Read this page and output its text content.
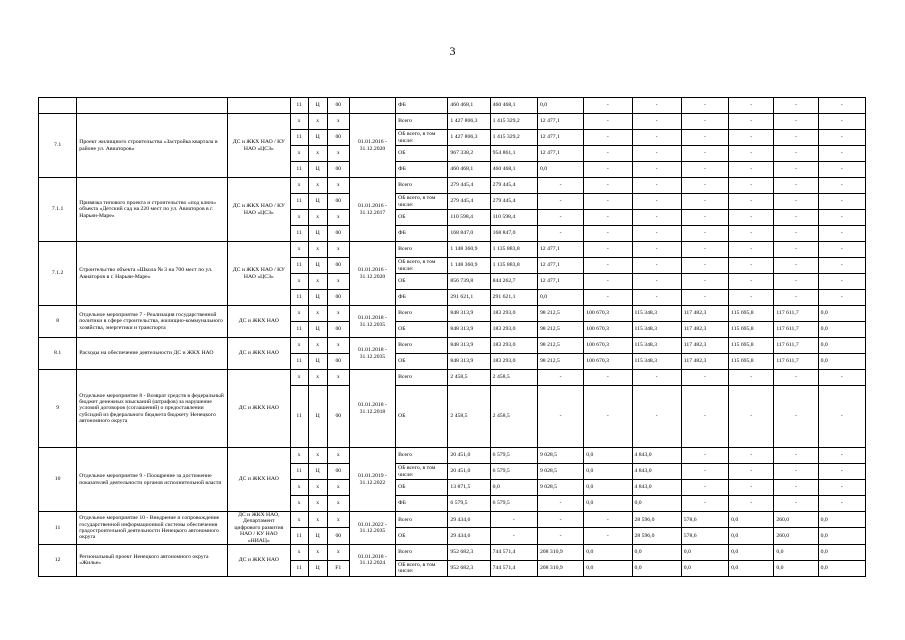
3
			11	Ц	00		ФБ	460 468,1	460 468,1	0,0	-	-	-	-	-	-
7.1	Проект жилищного строительства «Застройка квартала в районе ул. Авиаторов»	ДС и ЖКХ НАО / КУ НАО «ЦСЗ»	х	х	х	01.01.2016 - 31.12.2020	Всего	1 427 806,3	1 415 329,2	12 477,1	-	-	-	-	-	-
			11	Ц	00		ОБ всего, в том числе:	1 427 806,3	1 415 329,2	12 477,1	-	-	-	-	-	-
			х	х	х		ОБ	967 338,2	954 861,1	12 477,1	-	-	-	-	-	-
			11	Ц	00		ФБ	460 468,1	460 468,1	0,0	-	-	-	-	-	-
7.1.1	Привязка типового проекта и строительство «под ключ» объекта «Детский сад на 220 мест по ул. Авиаторов в г. Нарьян-Маре»	ДС и ЖКХ НАО / КУ НАО «ЦСЗ»	х	х	х	01.01.2016 - 31.12.2017	Всего	279 445,4	279 445,4	-	-	-	-	-	-	-
			11	Ц	00		ОБ всего, в том числе:	279 445,4	279 445,4	-	-	-	-	-	-	-
			х	х	х		ОБ	110 598,4	110 598,4	-	-	-	-	-	-	-
			11	Ц	00		ФБ	168 847,0	168 847,0	-	-	-	-	-	-	-
7.1.2	Строительство объекта «Школа № 3 на 700 мест по ул. Авиаторов в г. Нарьян-Маре»	ДС и ЖКХ НАО / КУ НАО «ЦСЗ»	х	х	х	01.01.2016 - 31.12.2020	Всего	1 148 360,9	1 135 883,8	12 477,1	-	-	-	-	-	-
			11	Ц	00		ОБ всего, в том числе:	1 148 360,9	1 135 883,8	12 477,1	-	-	-	-	-	-
			х	х	х		ОБ	856 739,8	844 262,7	12 477,1	-	-	-	-	-	-
			11	Ц	00		ФБ	291 621,1	291 621,1	0,0	-	-	-	-	-	-
8	Отдельное мероприятие 7 - Реализация государственной политики в сфере строительства, жилищно-коммунального хозяйства, энергетики и транспорта	ДС и ЖКХ НАО	х	х	х	01.01.2018 - 31.12.2035	Всего	848 313,9	183 293,0	98 212,5	100 670,3	115 348,3	117 482,3	115 695,8	117 611,7	0,0
			11	Ц	00		ОБ	848 313,9	183 293,0	98 212,5	100 670,3	115 348,3	117 482,3	115 695,8	117 611,7	0,0
8.1	Расходы на обеспечение деятельности ДС и ЖКХ НАО	ДС и ЖКХ НАО	х	х	х	01.01.2018 - 31.12.2035	Всего	848 313,9	183 293,0	98 212,5	100 670,3	115 348,3	117 482,3	115 695,8	117 611,7	0,0
			11	Ц	00		ОБ	848 313,9	183 293,0	98 212,5	100 670,3	115 348,3	117 482,3	115 695,8	117 611,7	0,0
9	Отдельное мероприятие 8 - Возврат средств в федеральный бюджет денежных взысканий (штрафов) за нарушение условий договоров (соглашений) о предоставлении субсидий из федерального бюджета бюджету Ненецкого автономного округа	ДС и ЖКХ НАО	х	х	х	01.01.2018 - 31.12.2018	Всего	2 458,5	2 458,5	-	-	-	-	-	-	-
			11	Ц	00		ОБ	2 458,5	2 458,5	-	-	-	-	-	-	-
10	Отдельное мероприятие 9 - Поощрение за достижение показателей деятельности органов исполнительной власти	ДС и ЖКХ НАО	х	х	х	01.01.2019 - 31.12.2022	Всего	20 451,0	6 579,5	9 028,5	0,0	4 843,0	-	-	-	-
			11	Ц	00		ОБ всего, в том числе:	20 451,0	6 579,5	9 028,5	0,0	4 843,0	-	-	-	-
			х	х	х		ОБ	13 871,5	0,0	9 028,5	0,0	4 843,0	-	-	-	-
			х	х	х		ФБ	6 579,5	6 579,5	-	0,0	0,0	-	-	-	-
11	Отдельное мероприятие 10 - Внедрение и сопровождение государственной информационной системы обеспечения градостроительной деятельности Ненецкого автономного округа	ДС и ЖКХ НАО, Департамент цифрового развития НАО / КУ НАО «НИАЦ»	х	х	х	01.01.2022 - 31.12.2035	Всего	29 434,6	-	-	-	28 596,0	578,6	0,0	260,0	0,0
			11	Ц	00		ОБ	29 434,6	-	-	-	28 596,0	578,6	0,0	260,0	0,0
12	Региональный проект Ненецкого автономного округа «Жилье»	ДС и ЖКХ НАО	х	х	х	01.01.2018 - 31.12.2024	Всего	952 682,3	744 571,4	208 310,9	0,0	0,0	0,0	0,0	0,0	0,0
			11	Ц	F1		ОБ всего, в том числе:	952 682,3	744 571,4	208 310,9	0,0	0,0	0,0	0,0	0,0	0,0
